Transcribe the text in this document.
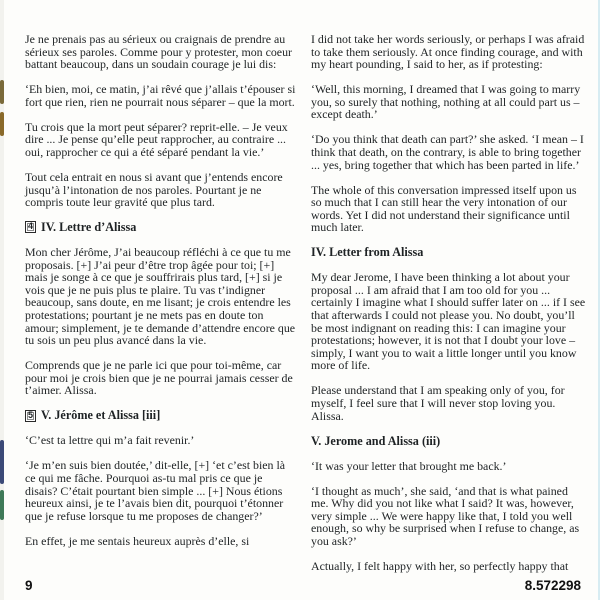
Je ne prenais pas au sérieux ou craignais de prendre au sérieux ses paroles. Comme pour y protester, mon coeur battant beaucoup, dans un soudain courage je lui dis:

‘Eh bien, moi, ce matin, j’ai rêvé que j’allais t’épouser si fort que rien, rien ne pourrait nous séparer – que la mort.

Tu crois que la mort peut séparer? reprit-elle. – Je veux dire ... Je pense qu’elle peut rapprocher, au contraire ... oui, rapprocher ce qui a été séparé pendant la vie.’

Tout cela entrait en nous si avant que j’entends encore jusqu’à l’intonation de nos paroles. Pourtant je ne compris toute leur gravité que plus tard.

4 IV. Lettre d’Alissa

Mon cher Jérôme, J’ai beaucoup réfléchi à ce que tu me proposais. [+] J’ai peur d’être trop âgée pour toi; [+] mais je songe à ce que je souffrirais plus tard, [+] si je vois que je ne puis plus te plaire. Tu vas t’indigner beaucoup, sans doute, en me lisant; je crois entendre les protestations; pourtant je ne mets pas en doute ton amour; simplement, je te demande d’attendre encore que tu sois un peu plus avancé dans la vie.

Comprends que je ne parle ici que pour toi-même, car pour moi je crois bien que je ne pourrai jamais cesser de t’aimer. Alissa.

5 V. Jérôme et Alissa [iii]

‘C’est ta lettre qui m’a fait revenir.’

‘Je m’en suis bien doutée,’ dit-elle, [+] ‘et c’est bien là ce qui me fâche. Pourquoi as-tu mal pris ce que je disais? C’était pourtant bien simple ... [+] Nous étions heureux ainsi, je te l’avais bien dit, pourquoi t’étonner que je refuse lorsque tu me proposes de changer?’

En effet, je me sentais heureux auprès d’elle, si

I did not take her words seriously, or perhaps I was afraid to take them seriously. At once finding courage, and with my heart pounding, I said to her, as if protesting:

‘Well, this morning, I dreamed that I was going to marry you, so surely that nothing, nothing at all could part us – except death.’

‘Do you think that death can part?’ she asked. ‘I mean – I think that death, on the contrary, is able to bring together ... yes, bring together that which has been parted in life.’

The whole of this conversation impressed itself upon us so much that I can still hear the very intonation of our words. Yet I did not understand their significance until much later.

IV. Letter from Alissa

My dear Jerome, I have been thinking a lot about your proposal ... I am afraid that I am too old for you ... certainly I imagine what I should suffer later on ... if I see that afterwards I could not please you. No doubt, you’ll be most indignant on reading this: I can imagine your protestations; however, it is not that I doubt your love – simply, I want you to wait a little longer until you know more of life.

Please understand that I am speaking only of you, for myself, I feel sure that I will never stop loving you. Alissa.

V. Jerome and Alissa (iii)

‘It was your letter that brought me back.’

‘I thought as much’, she said, ‘and that is what pained me. Why did you not like what I said? It was, however, very simple ... We were happy like that, I told you well enough, so why be surprised when I refuse to change, as you ask?’

Actually, I felt happy with her, so perfectly happy that

9	8.572298
